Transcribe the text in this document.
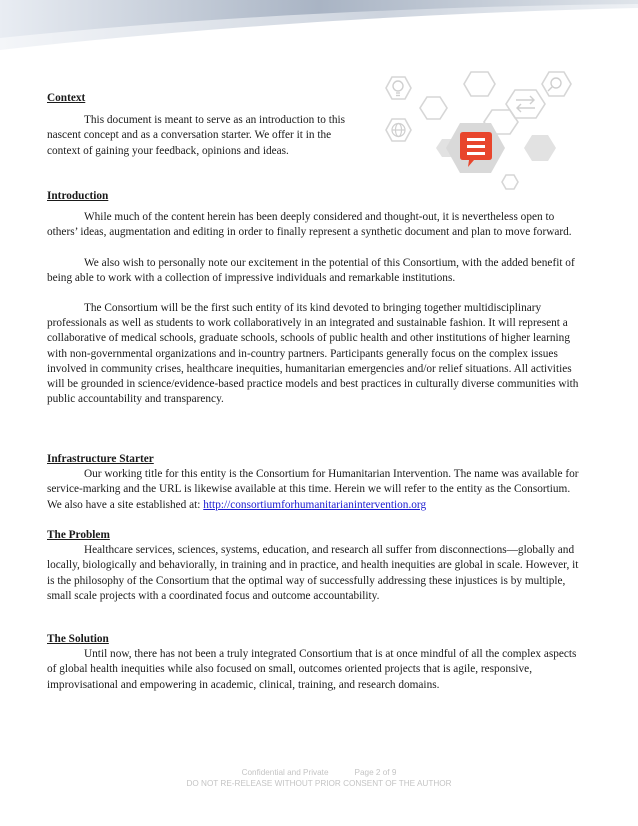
Context

This document is meant to serve as an introduction to this nascent concept and as a conversation starter. We offer it in the context of gaining your feedback, opinions and ideas.

Introduction

While much of the content herein has been deeply considered and thought-out, it is nevertheless open to others’ ideas, augmentation and editing in order to finally represent a synthetic document and plan to move forward.

We also wish to personally note our excitement in the potential of this Consortium, with the added benefit of being able to work with a collection of impressive individuals and remarkable institutions.

The Consortium will be the first such entity of its kind devoted to bringing together multidisciplinary professionals as well as students to work collaboratively in an integrated and sustainable fashion. It will represent a collaborative of medical schools, graduate schools, schools of public health and other institutions of higher learning with non-governmental organizations and in-country partners. Participants generally focus on the complex issues involved in community crises, healthcare inequities, humanitarian emergencies and/or relief situations. All activities will be grounded in science/evidence-based practice models and best practices in culturally diverse communities with public accountability and transparency.

Infrastructure Starter

Our working title for this entity is the Consortium for Humanitarian Intervention. The name was available for service-marking and the URL is likewise available at this time. Herein we will refer to the entity as the Consortium. We also have a site established at: http://consortiumforhumanitarianintervention.org

The Problem

Healthcare services, sciences, systems, education, and research all suffer from disconnections—globally and locally, biologically and behaviorally, in training and in practice, and health inequities are global in scale. However, it is the philosophy of the Consortium that the optimal way of successfully addressing these injustices is by multiple, small scale projects with a coordinated focus and outcome accountability.

The Solution

Until now, there has not been a truly integrated Consortium that is at once mindful of all the complex aspects of global health inequities while also focused on small, outcomes oriented projects that is agile, responsive, improvisational and empowering in academic, clinical, training, and research domains.

Confidential and Private	Page 2 of 9
DO NOT RE-RELEASE WITHOUT PRIOR CONSENT OF THE AUTHOR
